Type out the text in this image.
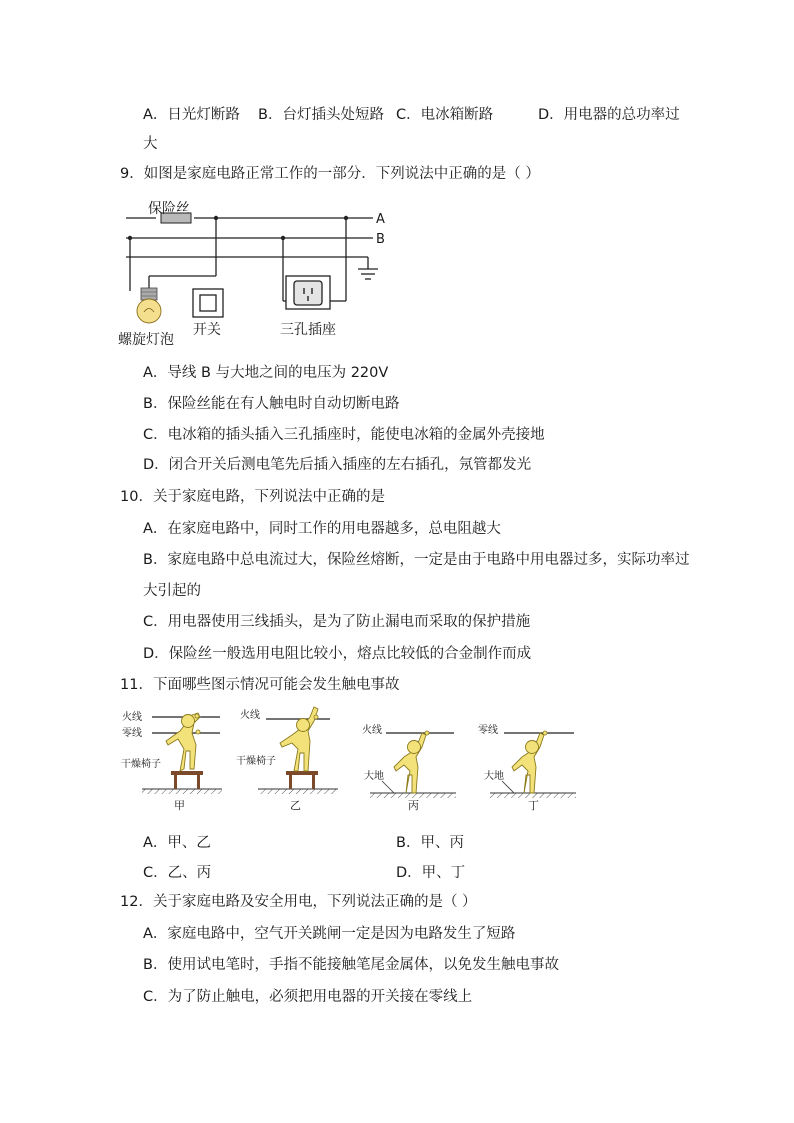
A．日光灯断路 B．台灯插头处短路 C．电冰箱断路	D．用电器的总功率过
大
9．如图是家庭电路正常工作的一部分．下列说法中正确的是（ ）
保险丝
A
B
螺旋灯泡
开关	三孔插座
A．导线 B 与大地之间的电压为 220V
B．保险丝能在有人触电时自动切断电路
C．电冰箱的插头插入三孔插座时，能使电冰箱的金属外壳接地
D．闭合开关后测电笔先后插入插座的左右插孔，氖管都发光
10．关于家庭电路，下列说法中正确的是
A．在家庭电路中，同时工作的用电器越多，总电阻越大
B．家庭电路中总电流过大，保险丝熔断，一定是由于电路中用电器过多，实际功率过
大引起的
C．用电器使用三线插头，是为了防止漏电而采取的保护措施
D．保险丝一般选用电阻比较小，熔点比较低的合金制作而成
11．下面哪些图示情况可能会发生触电事故
火线
零线
干燥椅子
甲
火线
干燥椅子
乙
火线
大地
丙
零线
大地
丁
A．甲、乙	B．甲、丙
C．乙、丙	D．甲、丁
12．关于家庭电路及安全用电，下列说法正确的是（ ）
A．家庭电路中，空气开关跳闸一定是因为电路发生了短路
B．使用试电笔时，手指不能接触笔尾金属体，以免发生触电事故
C．为了防止触电，必须把用电器的开关接在零线上
